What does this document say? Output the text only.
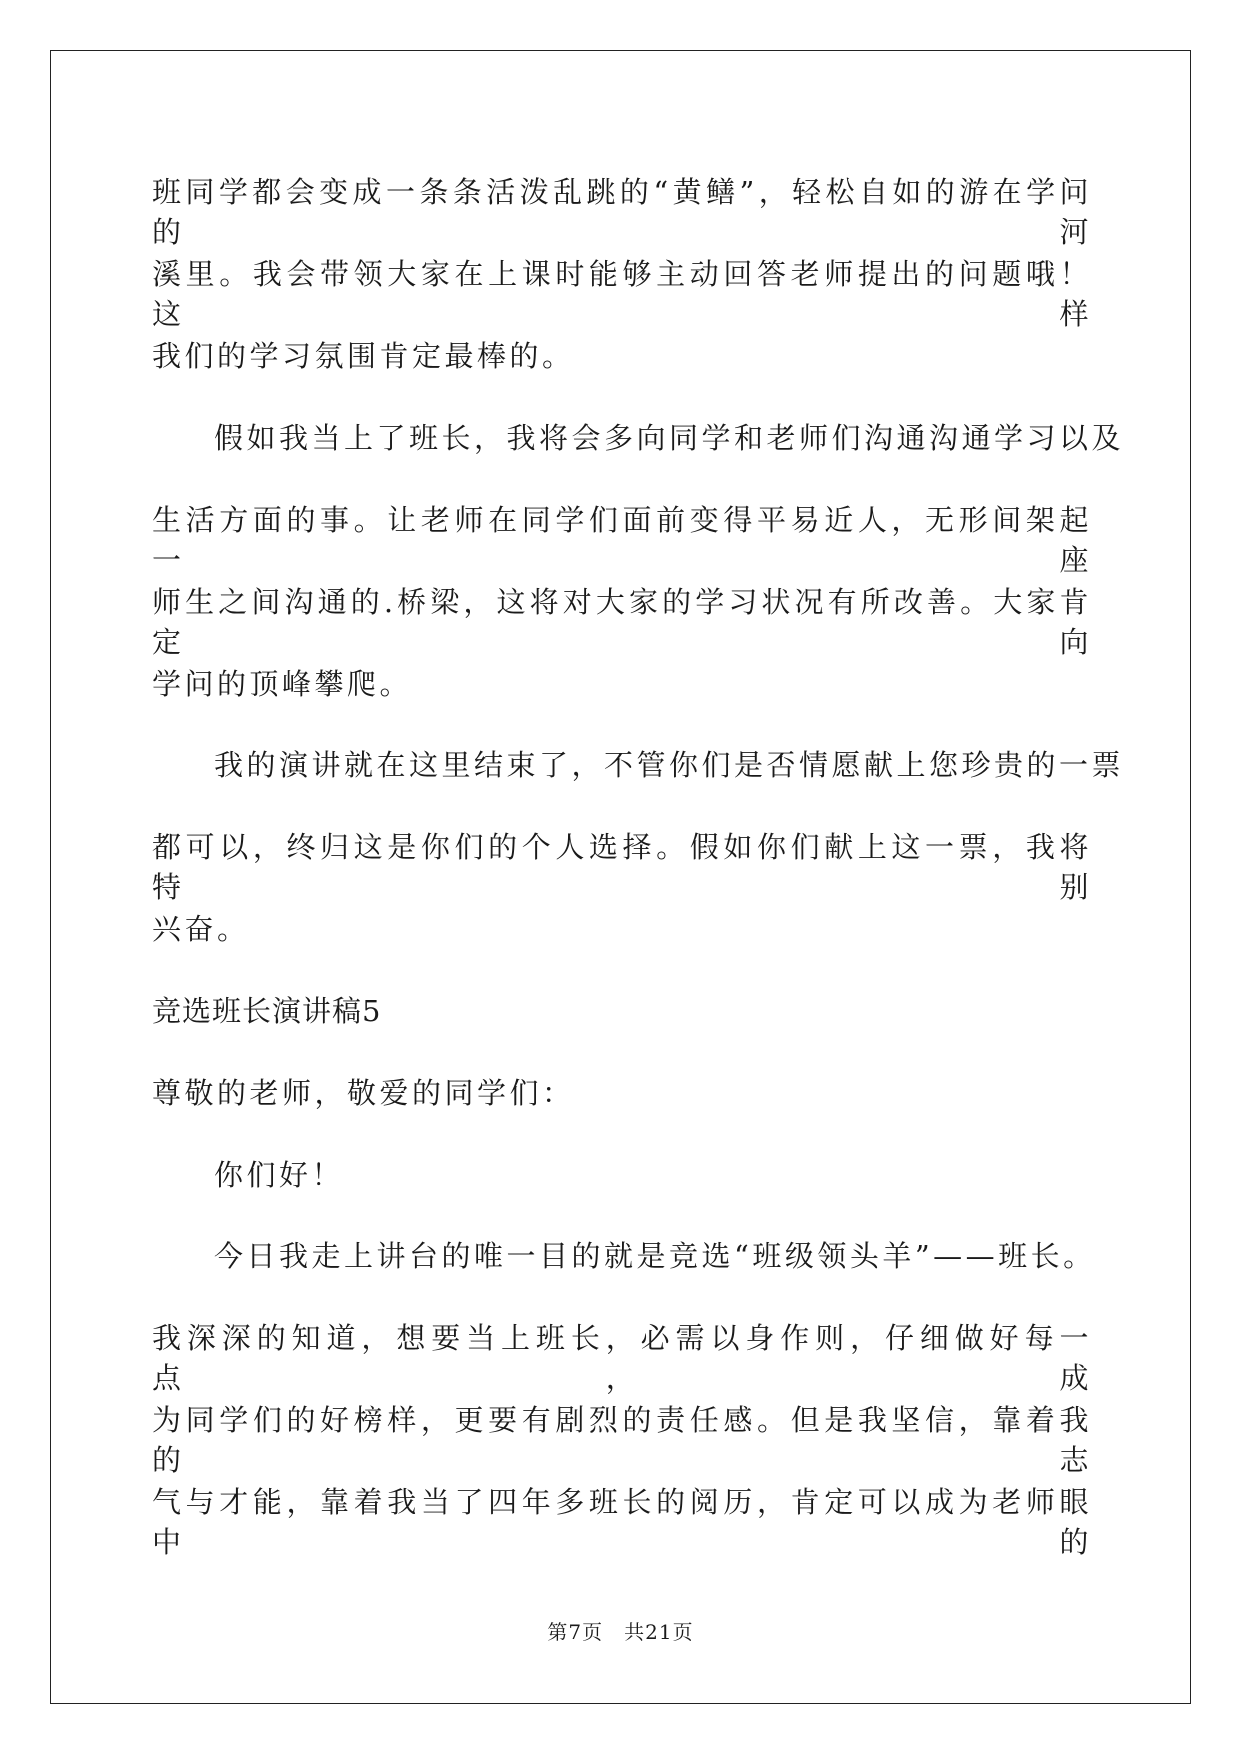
班同学都会变成一条条活泼乱跳的“黄鳝”，轻松自如的游在学问的河

溪里。我会带领大家在上课时能够主动回答老师提出的问题哦！这样

我们的学习氛围肯定最棒的。

假如我当上了班长，我将会多向同学和老师们沟通沟通学习以及

生活方面的事。让老师在同学们面前变得平易近人，无形间架起一座

师生之间沟通的.桥梁，这将对大家的学习状况有所改善。大家肯定向

学问的顶峰攀爬。

我的演讲就在这里结束了，不管你们是否情愿献上您珍贵的一票

都可以，终归这是你们的个人选择。假如你们献上这一票，我将特别

兴奋。

竞选班长演讲稿5

尊敬的老师，敬爱的同学们：

你们好！

今日我走上讲台的唯一目的就是竞选“班级领头羊”——班长。

我深深的知道，想要当上班长，必需以身作则，仔细做好每一点，成

为同学们的好榜样，更要有剧烈的责任感。但是我坚信，靠着我的志

气与才能，靠着我当了四年多班长的阅历，肯定可以成为老师眼中的

第7页　共21页
